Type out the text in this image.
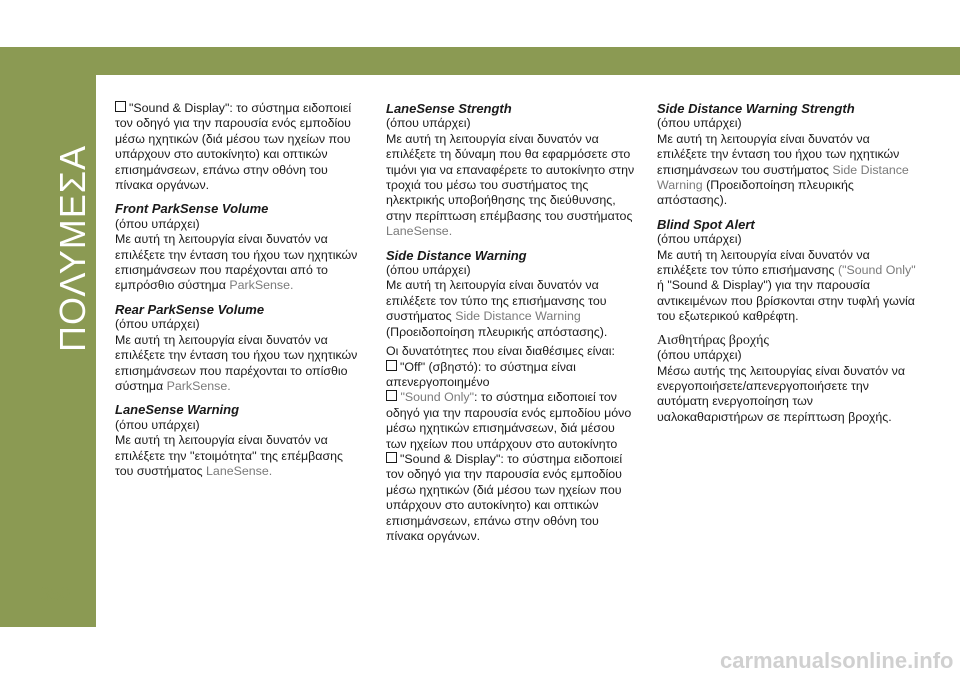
ΠΟΛΥΜΕΣΑ
"Sound & Display": το σύστημα ειδοποιεί τον οδηγό για την παρουσία ενός εμποδίου μέσω ηχητικών (διά μέσου των ηχείων που υπάρχουν στο αυτοκίνητο) και οπτικών επισημάνσεων, επάνω στην οθόνη του πίνακα οργάνων.
Front ParkSense Volume
(όπου υπάρχει)
Με αυτή τη λειτουργία είναι δυνατόν να επιλέξετε την ένταση του ήχου των ηχητικών επισημάνσεων που παρέχονται από το εμπρόσθιο σύστημα ParkSense.
Rear ParkSense Volume
(όπου υπάρχει)
Με αυτή τη λειτουργία είναι δυνατόν να επιλέξετε την ένταση του ήχου των ηχητικών επισημάνσεων που παρέχονται το οπίσθιο σύστημα ParkSense.
LaneSense Warning
(όπου υπάρχει)
Με αυτή τη λειτουργία είναι δυνατόν να επιλέξετε την ''ετοιμότητα'' της επέμβασης του συστήματος LaneSense.
LaneSense Strength
(όπου υπάρχει)
Με αυτή τη λειτουργία είναι δυνατόν να επιλέξετε τη δύναμη που θα εφαρμόσετε στο τιμόνι για να επαναφέρετε το αυτοκίνητο στην τροχιά του μέσω του συστήματος της ηλεκτρικής υποβοήθησης της διεύθυνσης, στην περίπτωση επέμβασης του συστήματοςLaneSense.
Side Distance Warning
(όπου υπάρχει)
Με αυτή τη λειτουργία είναι δυνατόν να επιλέξετε τον τύπο της επισήμανσης του συστήματος Side Distance Warning (Προειδοποίηση πλευρικής απόστασης).
Οι δυνατότητες που είναι διαθέσιμες είναι:
"Off" (σβηστό): το σύστημα είναι απενεργοποιημένο
"Sound Only": το σύστημα ειδοποιεί τον οδηγό για την παρουσία ενός εμποδίου μόνο μέσω ηχητικών επισημάνσεων, διά μέσου των ηχείων που υπάρχουν στο αυτοκίνητο
"Sound & Display": το σύστημα ειδοποιεί τον οδηγό για την παρουσία ενός εμποδίου μέσω ηχητικών (διά μέσου των ηχείων που υπάρχουν στο αυτοκίνητο) και οπτικών επισημάνσεων, επάνω στην οθόνη του πίνακα οργάνων.
Side Distance Warning Strength
(όπου υπάρχει)
Με αυτή τη λειτουργία είναι δυνατόν να επιλέξετε την ένταση του ήχου των ηχητικών επισημάνσεων του συστήματος Side Distance Warning (Προειδοποίηση πλευρικής απόστασης).
Blind Spot Alert
(όπου υπάρχει)
Με αυτή τη λειτουργία είναι δυνατόν να επιλέξετε τον τύπο επισήμανσης ("Sound Only" ή "Sound & Display") για την παρουσία αντικειμένων που βρίσκονται στην τυφλή γωνία του εξωτερικού καθρέφτη.
Αισθητήρας βροχής
(όπου υπάρχει)
Μέσω αυτής της λειτουργίας είναι δυνατόν να ενεργοποιήσετε/απενεργοποιήσετε την αυτόματη ενεργοποίηση των υαλοκαθαριστήρων σε περίπτωση βροχής.
350
carmanualsonline.info
